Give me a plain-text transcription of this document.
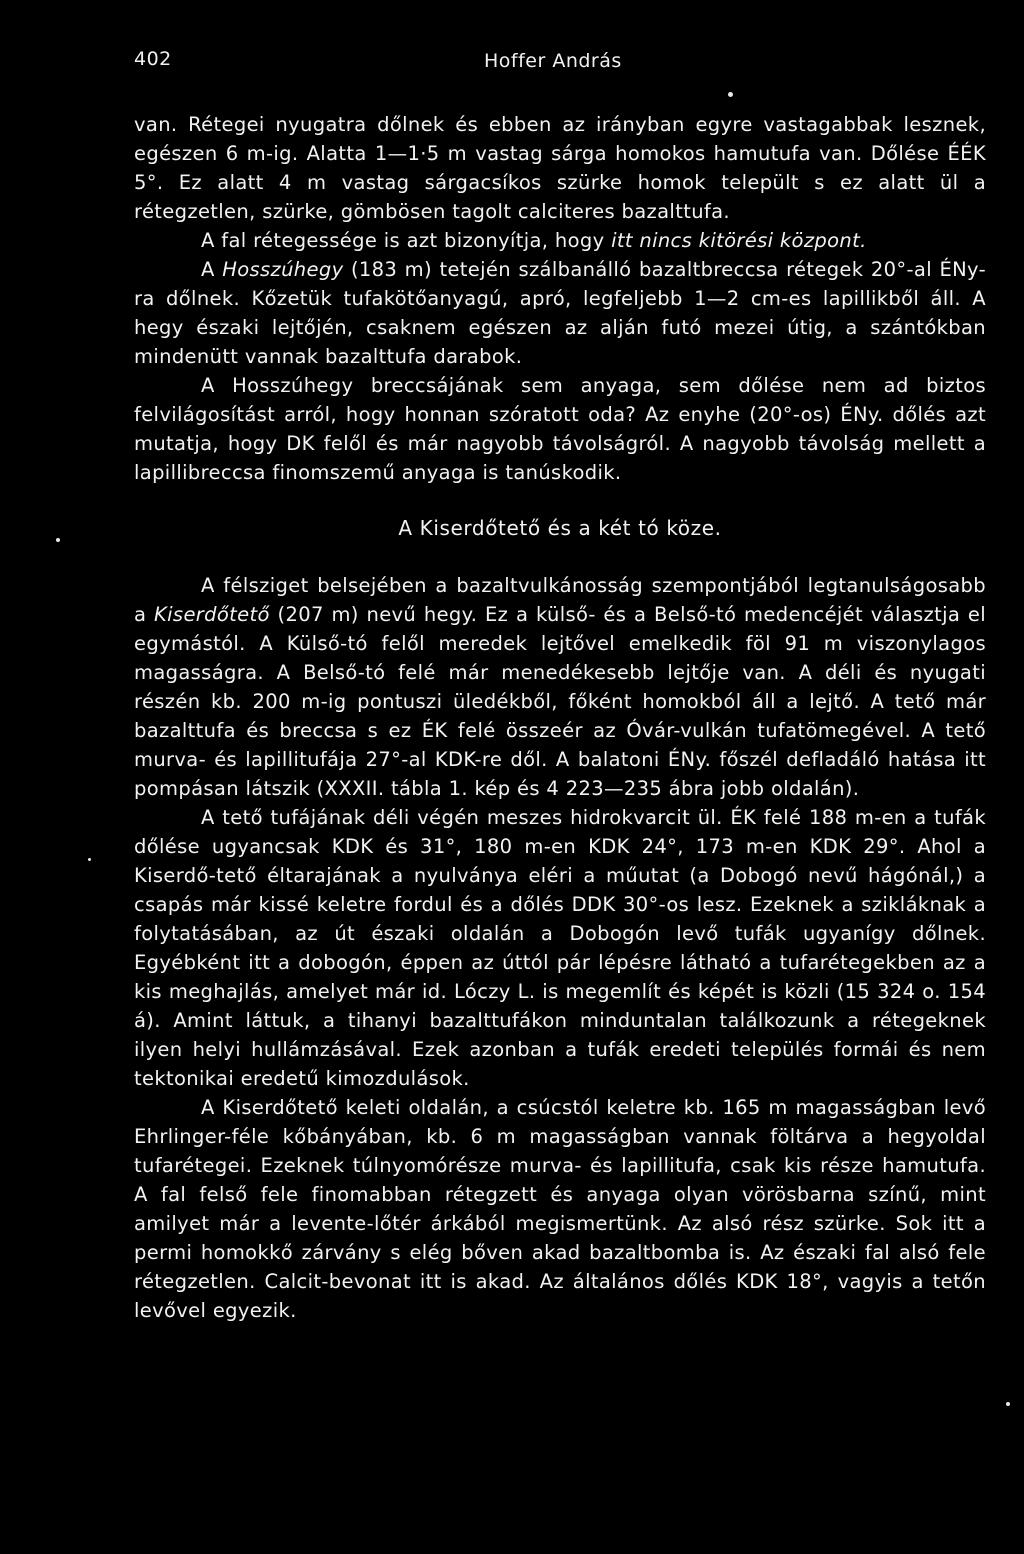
402	Hoffer András

van. Rétegei nyugatra dőlnek és ebben az irányban egyre vastagabbak lesznek, egészen 6 m-ig. Alatta 1—1·5 m vastag sárga homokos hamutufa van. Dőlése ÉÉK 5°. Ez alatt 4 m vastag sárgacsíkos szürke homok települt s ez alatt ül a rétegzetlen, szürke, gömbösen tagolt calciteres bazalttufa.

A fal rétegessége is azt bizonyítja, hogy itt nincs kitörési központ.

A Hosszúhegy (183 m) tetején szálbanálló bazaltbreccsa rétegek 20°-al ÉNy-ra dőlnek. Kőzetük tufakötőanyagú, apró, legfeljebb 1—2 cm-es lapillikből áll. A hegy északi lejtőjén, csaknem egészen az alján futó mezei útig, a szántókban mindenütt vannak bazalttufa darabok.

A Hosszúhegy breccsájának sem anyaga, sem dőlése nem ad biztos felvilágosítást arról, hogy honnan szóratott oda? Az enyhe (20°-os) ÉNy. dőlés azt mutatja, hogy DK felől és már nagyobb távolságról. A nagyobb távolság mellett a lapillibreccsa finomszemű anyaga is tanúskodik.

A Kiserdőtető és a két tó köze.

A félsziget belsejében a bazaltvulkánosság szempontjából legtanulságosabb a Kiserdőtető (207 m) nevű hegy. Ez a külső- és a Belső-tó medencéjét választja el egymástól. A Külső-tó felől meredek lejtővel emelkedik föl 91 m viszonylagos magasságra. A Belső-tó felé már menedékesebb lejtője van. A déli és nyugati részén kb. 200 m-ig pontuszi üledékből, főként homokból áll a lejtő. A tető már bazalttufa és breccsa s ez ÉK felé összeér az Óvár-vulkán tufatömegével. A tető murva- és lapillitufája 27°-al KDK-re dől. A balatoni ÉNy. főszél defladáló hatása itt pompásan látszik (XXXII. tábla 1. kép és 4 223—235 ábra jobb oldalán).

A tető tufájának déli végén meszes hidrokvarcit ül. ÉK felé 188 m-en a tufák dőlése ugyancsak KDK és 31°, 180 m-en KDK 24°, 173 m-en KDK 29°. Ahol a Kiserdő-tető éltarajának a nyulványa eléri a műutat (a Dobogó nevű hágónál,) a csapás már kissé keletre fordul és a dőlés DDK 30°-os lesz. Ezeknek a szikláknak a folytatásában, az út északi oldalán a Dobogón levő tufák ugyanígy dőlnek. Egyébként itt a dobogón, éppen az úttól pár lépésre látható a tufarétegekben az a kis meghajlás, amelyet már id. Lóczy L. is megemlít és képét is közli (15 324 o. 154 á). Amint láttuk, a tihanyi bazalttufákon minduntalan találkozunk a rétegeknek ilyen helyi hullámzásával. Ezek azonban a tufák eredeti település formái és nem tektonikai eredetű kimozdulások.

A Kiserdőtető keleti oldalán, a csúcstól keletre kb. 165 m magasságban levő Ehrlinger-féle kőbányában, kb. 6 m magasságban vannak föltárva a hegyoldal tufarétegei. Ezeknek túlnyomórésze murva- és lapillitufa, csak kis része hamutufa. A fal felső fele finomabban rétegzett és anyaga olyan vörösbarna színű, mint amilyet már a levente-lőtér árkából megismertünk. Az alsó rész szürke. Sok itt a permi homokkő zárvány s elég bőven akad bazaltbomba is. Az északi fal alsó fele rétegzetlen. Calcit-bevonat itt is akad. Az általános dőlés KDK 18°, vagyis a tetőn levővel egyezik.
